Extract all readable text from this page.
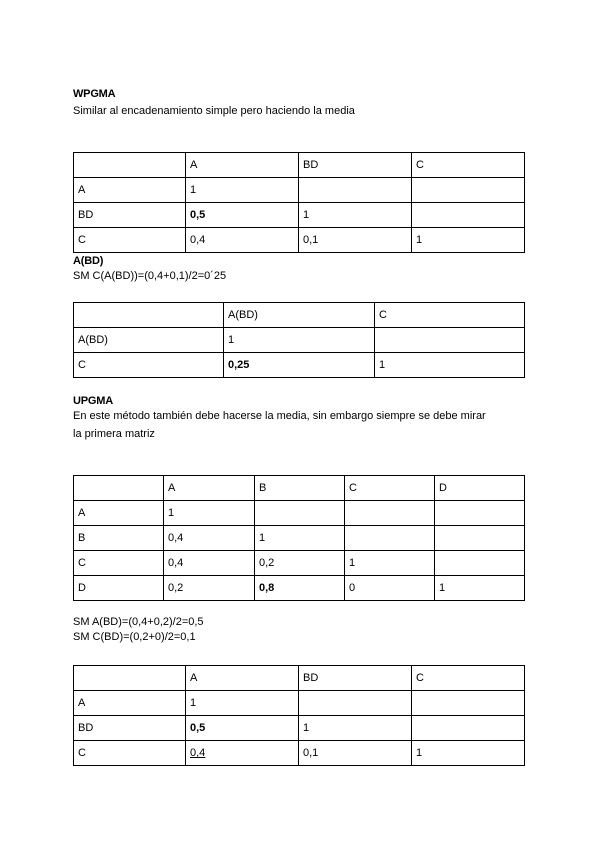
WPGMA
Similar al encadenamiento simple pero haciendo la media
	A	BD	C
A	1		
BD	0,5	1	
C	0,4	0,1	1
A(BD)
SM C(A(BD))=(0,4+0,1)/2=0´25
	A(BD)	C
A(BD)	1	
C	0,25	1
UPGMA
En este método también debe hacerse la media, sin embargo siempre se debe mirar
la primera matriz
	A	B	C	D
A	1			
B	0,4	1		
C	0,4	0,2	1	
D	0,2	0,8	0	1
SM A(BD)=(0,4+0,2)/2=0,5
SM C(BD)=(0,2+0)/2=0,1
	A	BD	C
A	1		
BD	0,5	1	
C	0,4	0,1	1
